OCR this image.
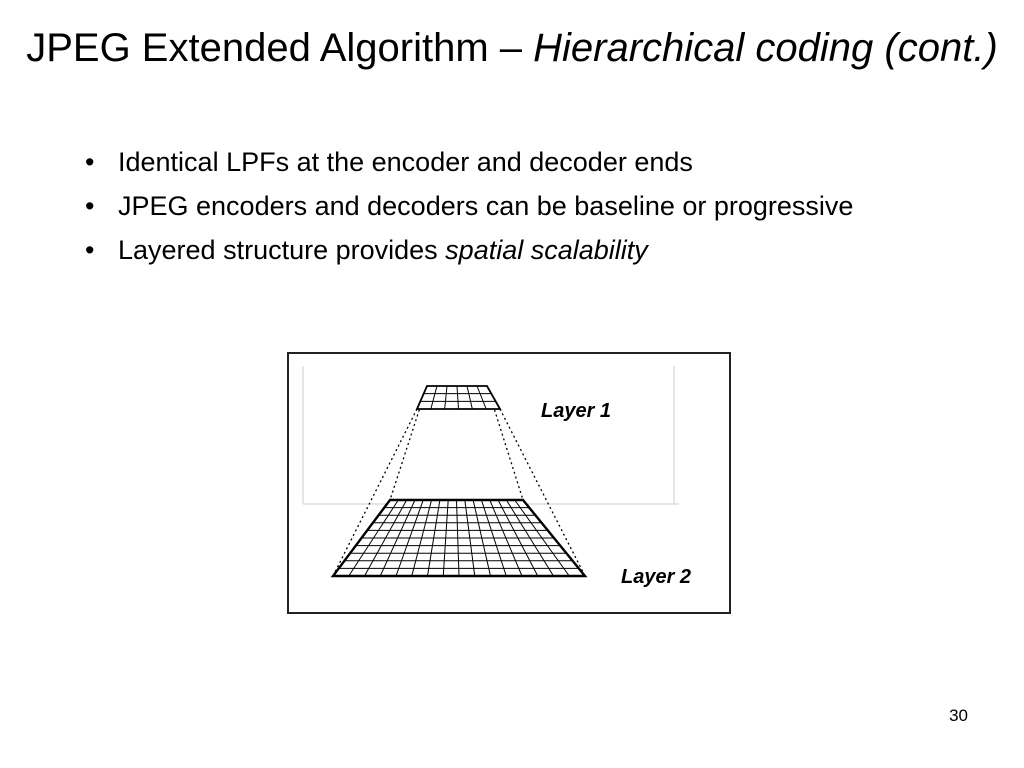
JPEG Extended Algorithm – Hierarchical coding (cont.)
• Identical LPFs at the encoder and decoder ends
• JPEG encoders and decoders can be baseline or progressive
• Layered structure provides spatial scalability
Layer 1
Layer 2
30
